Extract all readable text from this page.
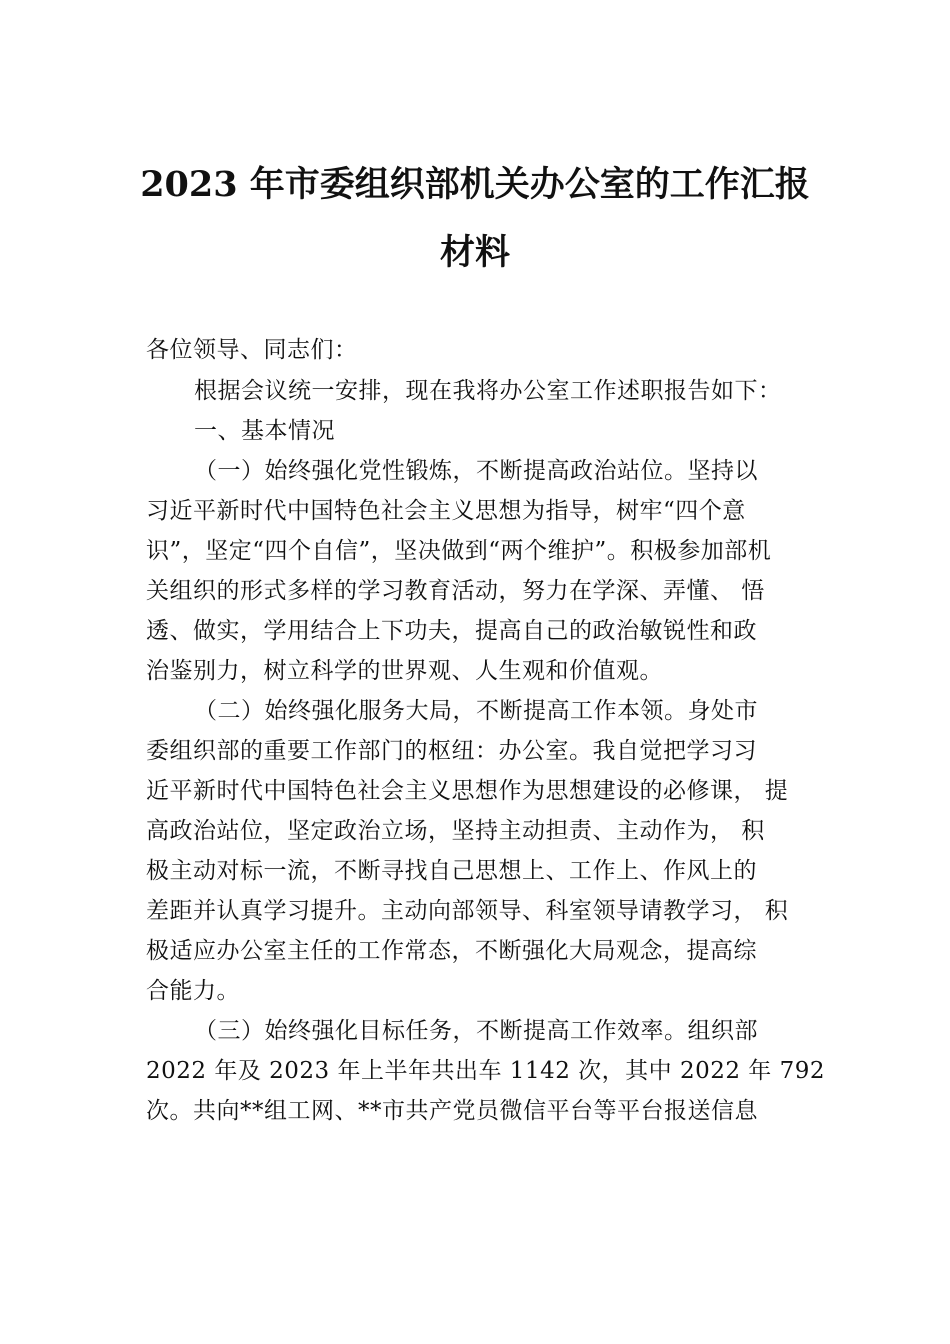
2023 年市委组织部机关办公室的工作汇报
材料

各位领导、同志们：

根据会议统一安排，现在我将办公室工作述职报告如下：

一、基本情况

（一）始终强化党性锻炼，不断提高政治站位。坚持以

习近平新时代中国特色社会主义思想为指导，树牢“四个意

识”，坚定“四个自信”，坚决做到“两个维护”。积极参加部机

关组织的形式多样的学习教育活动，努力在学深、弄懂、 悟

透、做实，学用结合上下功夫，提高自己的政治敏锐性和政

治鉴别力，树立科学的世界观、人生观和价值观。

（二）始终强化服务大局，不断提高工作本领。身处市

委组织部的重要工作部门的枢纽：办公室。我自觉把学习习

近平新时代中国特色社会主义思想作为思想建设的必修课， 提

高政治站位，坚定政治立场，坚持主动担责、主动作为， 积

极主动对标一流，不断寻找自己思想上、工作上、作风上的

差距并认真学习提升。主动向部领导、科室领导请教学习， 积

极适应办公室主任的工作常态，不断强化大局观念，提高综

合能力。

（三）始终强化目标任务，不断提高工作效率。组织部

2022 年及 2023 年上半年共出车 1142 次，其中 2022 年 792

次。共向**组工网、**市共产党员微信平台等平台报送信息
